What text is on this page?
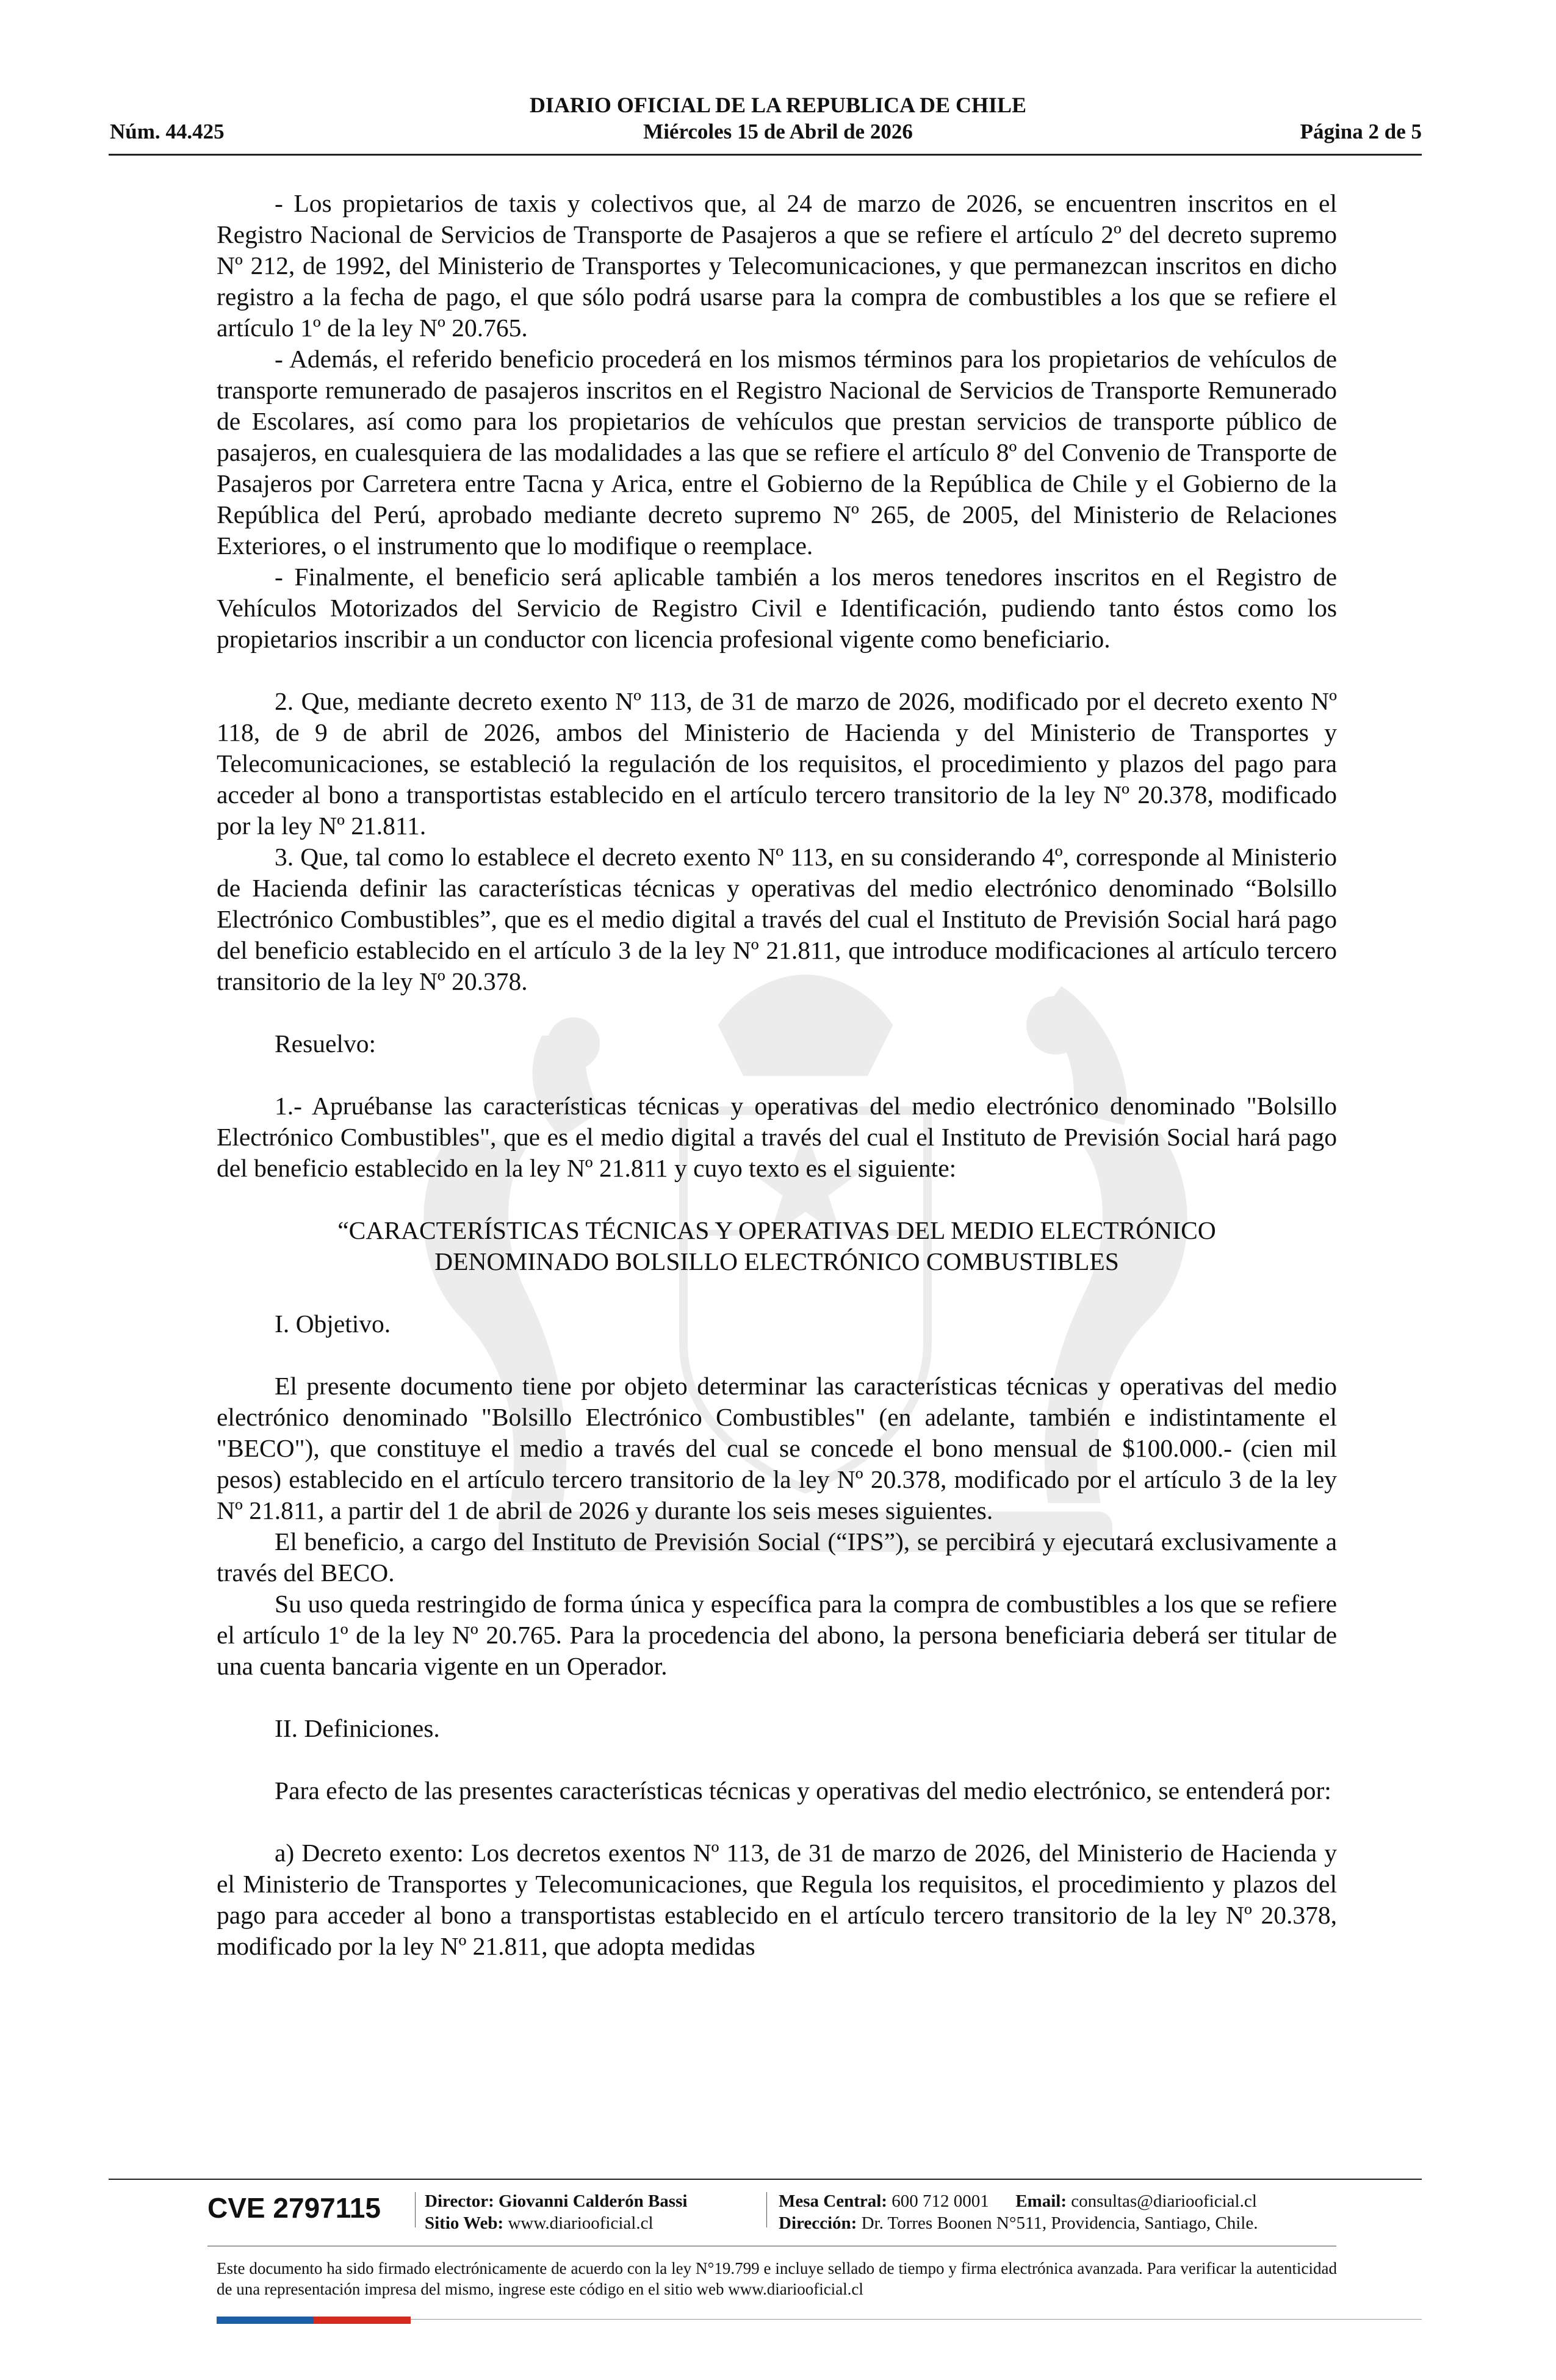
DIARIO OFICIAL DE LA REPUBLICA DE CHILE
Núm. 44.425	Miércoles 15 de Abril de 2026	Página 2 de 5

- Los propietarios de taxis y colectivos que, al 24 de marzo de 2026, se encuentren inscritos en el Registro Nacional de Servicios de Transporte de Pasajeros a que se refiere el artículo 2º del decreto supremo Nº 212, de 1992, del Ministerio de Transportes y Telecomunicaciones, y que permanezcan inscritos en dicho registro a la fecha de pago, el que sólo podrá usarse para la compra de combustibles a los que se refiere el artículo 1º de la ley Nº 20.765.

- Además, el referido beneficio procederá en los mismos términos para los propietarios de vehículos de transporte remunerado de pasajeros inscritos en el Registro Nacional de Servicios de Transporte Remunerado de Escolares, así como para los propietarios de vehículos que prestan servicios de transporte público de pasajeros, en cualesquiera de las modalidades a las que se refiere el artículo 8º del Convenio de Transporte de Pasajeros por Carretera entre Tacna y Arica, entre el Gobierno de la República de Chile y el Gobierno de la República del Perú, aprobado mediante decreto supremo Nº 265, de 2005, del Ministerio de Relaciones Exteriores, o el instrumento que lo modifique o reemplace.

- Finalmente, el beneficio será aplicable también a los meros tenedores inscritos en el Registro de Vehículos Motorizados del Servicio de Registro Civil e Identificación, pudiendo tanto éstos como los propietarios inscribir a un conductor con licencia profesional vigente como beneficiario.

2. Que, mediante decreto exento Nº 113, de 31 de marzo de 2026, modificado por el decreto exento Nº 118, de 9 de abril de 2026, ambos del Ministerio de Hacienda y del Ministerio de Transportes y Telecomunicaciones, se estableció la regulación de los requisitos, el procedimiento y plazos del pago para acceder al bono a transportistas establecido en el artículo tercero transitorio de la ley Nº 20.378, modificado por la ley Nº 21.811.

3. Que, tal como lo establece el decreto exento Nº 113, en su considerando 4º, corresponde al Ministerio de Hacienda definir las características técnicas y operativas del medio electrónico denominado “Bolsillo Electrónico Combustibles”, que es el medio digital a través del cual el Instituto de Previsión Social hará pago del beneficio establecido en el artículo 3 de la ley Nº 21.811, que introduce modificaciones al artículo tercero transitorio de la ley Nº 20.378.

Resuelvo:

1.- Apruébanse las características técnicas y operativas del medio electrónico denominado "Bolsillo Electrónico Combustibles", que es el medio digital a través del cual el Instituto de Previsión Social hará pago del beneficio establecido en la ley Nº 21.811 y cuyo texto es el siguiente:

“CARACTERÍSTICAS TÉCNICAS Y OPERATIVAS DEL MEDIO ELECTRÓNICO

DENOMINADO BOLSILLO ELECTRÓNICO COMBUSTIBLES

I. Objetivo.

El presente documento tiene por objeto determinar las características técnicas y operativas del medio electrónico denominado "Bolsillo Electrónico Combustibles" (en adelante, también e indistintamente el "BECO"), que constituye el medio a través del cual se concede el bono mensual de $100.000.- (cien mil pesos) establecido en el artículo tercero transitorio de la ley Nº 20.378, modificado por el artículo 3 de la ley Nº 21.811, a partir del 1 de abril de 2026 y durante los seis meses siguientes.

El beneficio, a cargo del Instituto de Previsión Social (“IPS”), se percibirá y ejecutará exclusivamente a través del BECO.

Su uso queda restringido de forma única y específica para la compra de combustibles a los que se refiere el artículo 1º de la ley Nº 20.765. Para la procedencia del abono, la persona beneficiaria deberá ser titular de una cuenta bancaria vigente en un Operador.

II. Definiciones.

Para efecto de las presentes características técnicas y operativas del medio electrónico, se entenderá por:

a) Decreto exento: Los decretos exentos Nº 113, de 31 de marzo de 2026, del Ministerio de Hacienda y el Ministerio de Transportes y Telecomunicaciones, que Regula los requisitos, el procedimiento y plazos del pago para acceder al bono a transportistas establecido en el artículo tercero transitorio de la ley Nº 20.378, modificado por la ley Nº 21.811, que adopta medidas

CVE 2797115 Director: Giovanni Calderón Bassi
Sitio Web: www.diariooficial.cl
Mesa Central: 600 712 0001 Email: consultas@diariooficial.cl
Dirección: Dr. Torres Boonen N°511, Providencia, Santiago, Chile.
Este documento ha sido firmado electrónicamente de acuerdo con la ley N°19.799 e incluye sellado de tiempo y firma electrónica avanzada. Para verificar la autenticidad de una representación impresa del mismo, ingrese este código en el sitio web www.diariooficial.cl
